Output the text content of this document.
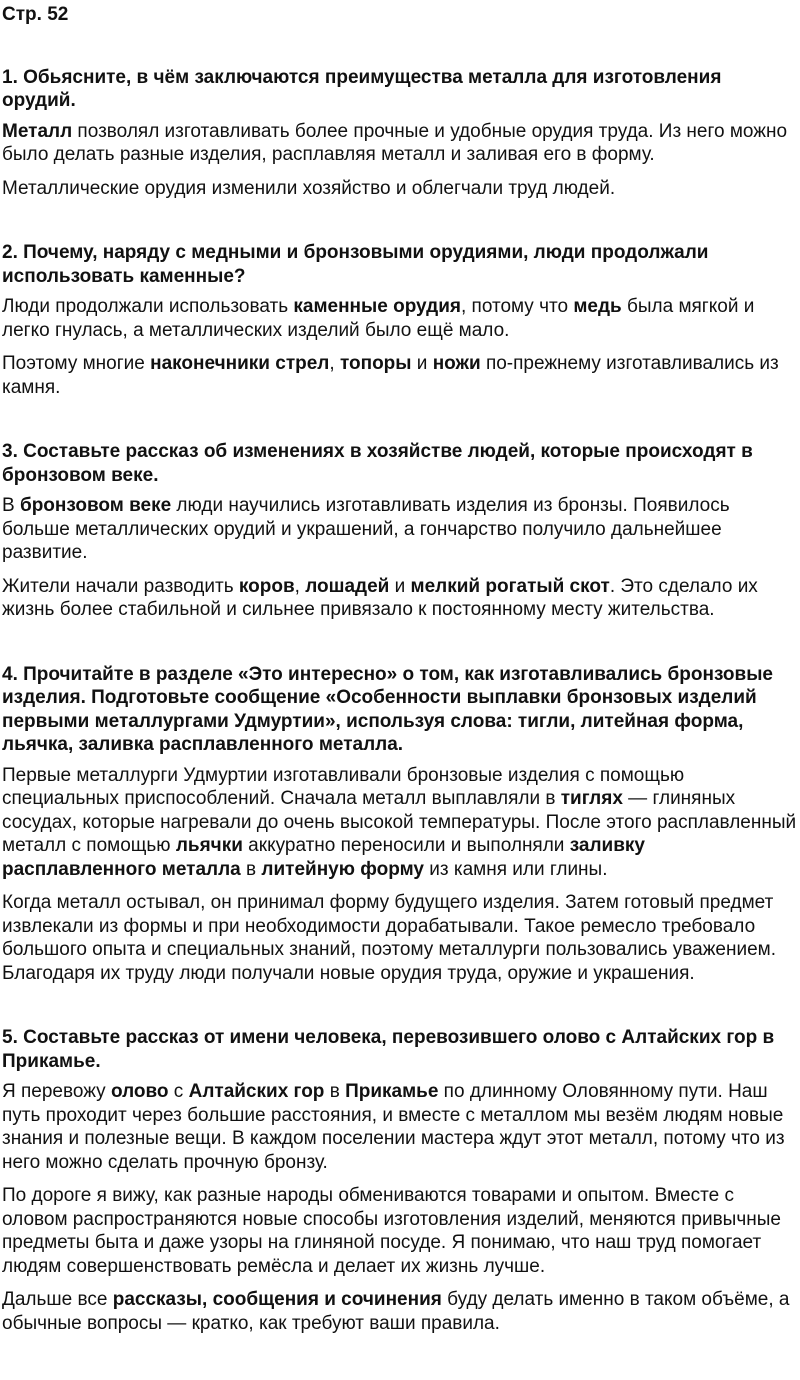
Стр. 52
1. Обьясните, в чём заключаются преимущества металла для изготовления орудий.
Металл позволял изготавливать более прочные и удобные орудия труда. Из него можно было делать разные изделия, расплавляя металл и заливая его в форму.
Металлические орудия изменили хозяйство и облегчали труд людей.
2. Почему, наряду с медными и бронзовыми орудиями, люди продолжали использовать каменные?
Люди продолжали использовать каменные орудия, потому что медь была мягкой и легко гнулась, а металлических изделий было ещё мало.
Поэтому многие наконечники стрел, топоры и ножи по-прежнему изготавливались из камня.
3. Составьте рассказ об изменениях в хозяйстве людей, которые происходят в бронзовом веке.
В бронзовом веке люди научились изготавливать изделия из бронзы. Появилось больше металлических орудий и украшений, а гончарство получило дальнейшее развитие.
Жители начали разводить коров, лошадей и мелкий рогатый скот. Это сделало их жизнь более стабильной и сильнее привязало к постоянному месту жительства.
4. Прочитайте в разделе «Это интересно» о том, как изготавливались бронзовые изделия. Подготовьте сообщение «Особенности выплавки бронзовых изделий первыми металлургами Удмуртии», используя слова: тигли, литейная форма, льячка, заливка расплавленного металла.
Первые металлурги Удмуртии изготавливали бронзовые изделия с помощью специальных приспособлений. Сначала металл выплавляли в тиглях — глиняных сосудах, которые нагревали до очень высокой температуры. После этого расплавленный металл с помощью льячки аккуратно переносили и выполняли заливку расплавленного металла в литейную форму из камня или глины.
Когда металл остывал, он принимал форму будущего изделия. Затем готовый предмет извлекали из формы и при необходимости дорабатывали. Такое ремесло требовало большого опыта и специальных знаний, поэтому металлурги пользовались уважением. Благодаря их труду люди получали новые орудия труда, оружие и украшения.
5. Составьте рассказ от имени человека, перевозившего олово с Алтайских гор в Прикамье.
Я перевожу олово с Алтайских гор в Прикамье по длинному Оловянному пути. Наш путь проходит через большие расстояния, и вместе с металлом мы везём людям новые знания и полезные вещи. В каждом поселении мастера ждут этот металл, потому что из него можно сделать прочную бронзу.
По дороге я вижу, как разные народы обмениваются товарами и опытом. Вместе с оловом распространяются новые способы изготовления изделий, меняются привычные предметы быта и даже узоры на глиняной посуде. Я понимаю, что наш труд помогает людям совершенствовать ремёсла и делает их жизнь лучше.
Дальше все рассказы, сообщения и сочинения буду делать именно в таком объёме, а обычные вопросы — кратко, как требуют ваши правила.
